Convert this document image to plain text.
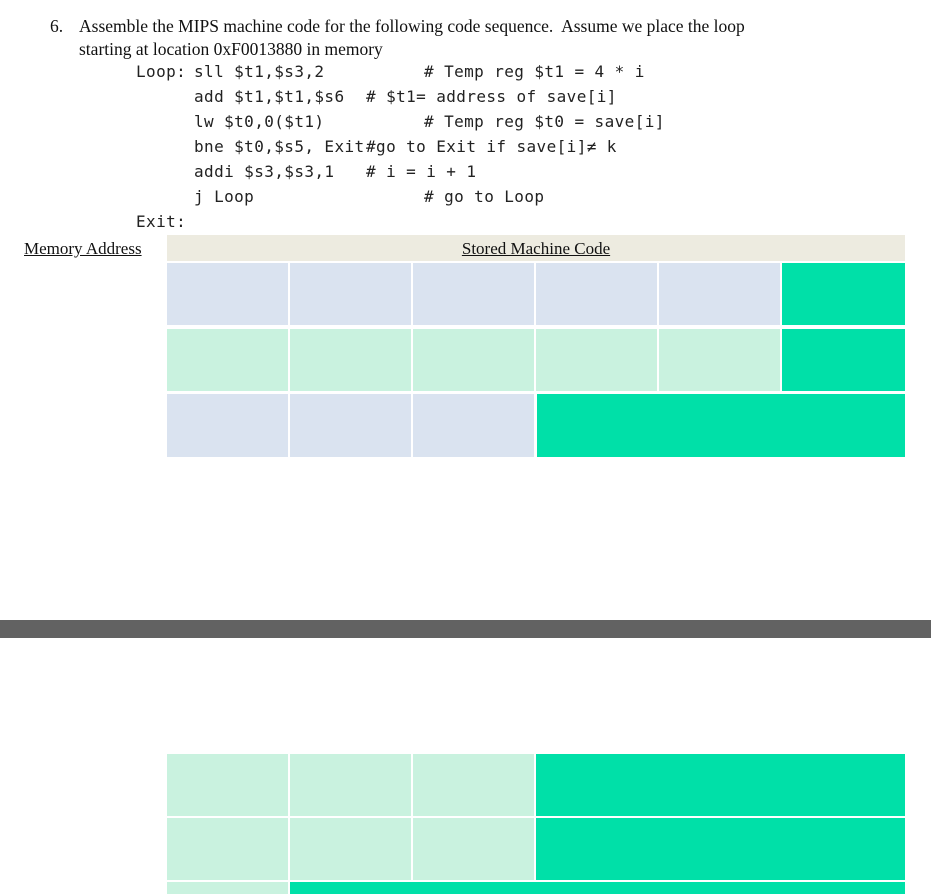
6. Assemble the MIPS machine code for the following code sequence.  Assume we place the loop
starting at location 0xF0013880 in memory
Loop: sll $t1,$s3,2	# Temp reg $t1 = 4 * i
add $t1,$t1,$s6 # $t1= address of save[i]
lw $t0,0($t1)	# Temp reg $t0 = save[i]
bne $t0,$s5, Exit #go to Exit if save[i]≠ k
addi $s3,$s3,1 # i = i + 1
j Loop	# go to Loop
Exit:
Memory Address	Stored Machine Code
